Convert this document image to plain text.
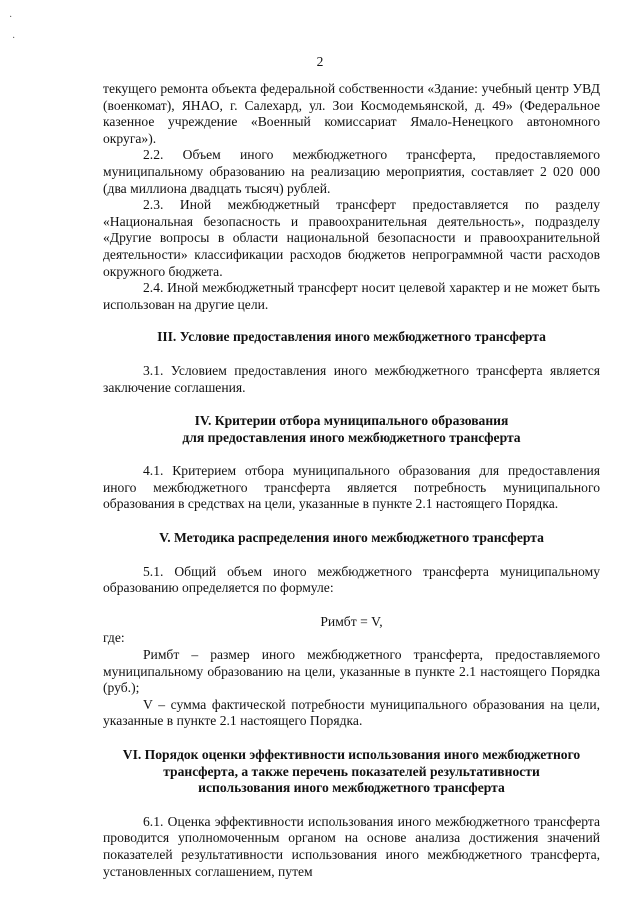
·
·
2

текущего ремонта объекта федеральной собственности «Здание: учебный центр УВД (военкомат), ЯНАО, г. Салехард, ул. Зои Космодемьянской, д. 49» (Федеральное казенное учреждение «Военный комиссариат Ямало-Ненецкого автономного округа»).

2.2. Объем иного межбюджетного трансферта, предоставляемого муниципальному образованию на реализацию мероприятия, составляет 2 020 000 (два миллиона двадцать тысяч) рублей.

2.3. Иной межбюджетный трансферт предоставляется по разделу «Национальная безопасность и правоохранительная деятельность», подразделу «Другие вопросы в области национальной безопасности и правоохранительной деятельности» классификации расходов бюджетов непрограммной части расходов окружного бюджета.

2.4. Иной межбюджетный трансферт носит целевой характер и не может быть использован на другие цели.

III. Условие предоставления иного межбюджетного трансферта

3.1. Условием предоставления иного межбюджетного трансферта является заключение соглашения.

IV. Критерии отбора муниципального образования

для предоставления иного межбюджетного трансферта

4.1. Критерием отбора муниципального образования для предоставления иного межбюджетного трансферта является потребность муниципального образования в средствах на цели, указанные в пункте 2.1 настоящего Порядка.

V. Методика распределения иного межбюджетного трансферта

5.1. Общий объем иного межбюджетного трансферта муниципальному образованию определяется по формуле:

Римбт = V,

где:

Римбт – размер иного межбюджетного трансферта, предоставляемого муниципальному образованию на цели, указанные в пункте 2.1 настоящего Порядка (руб.);

V – сумма фактической потребности муниципального образования на цели, указанные в пункте 2.1 настоящего Порядка.

VI. Порядок оценки эффективности использования иного межбюджетного

трансферта, а также перечень показателей результативности

использования иного межбюджетного трансферта

6.1. Оценка эффективности использования иного межбюджетного трансферта проводится уполномоченным органом на основе анализа достижения значений показателей результативности использования иного межбюджетного трансферта, установленных соглашением, путем
